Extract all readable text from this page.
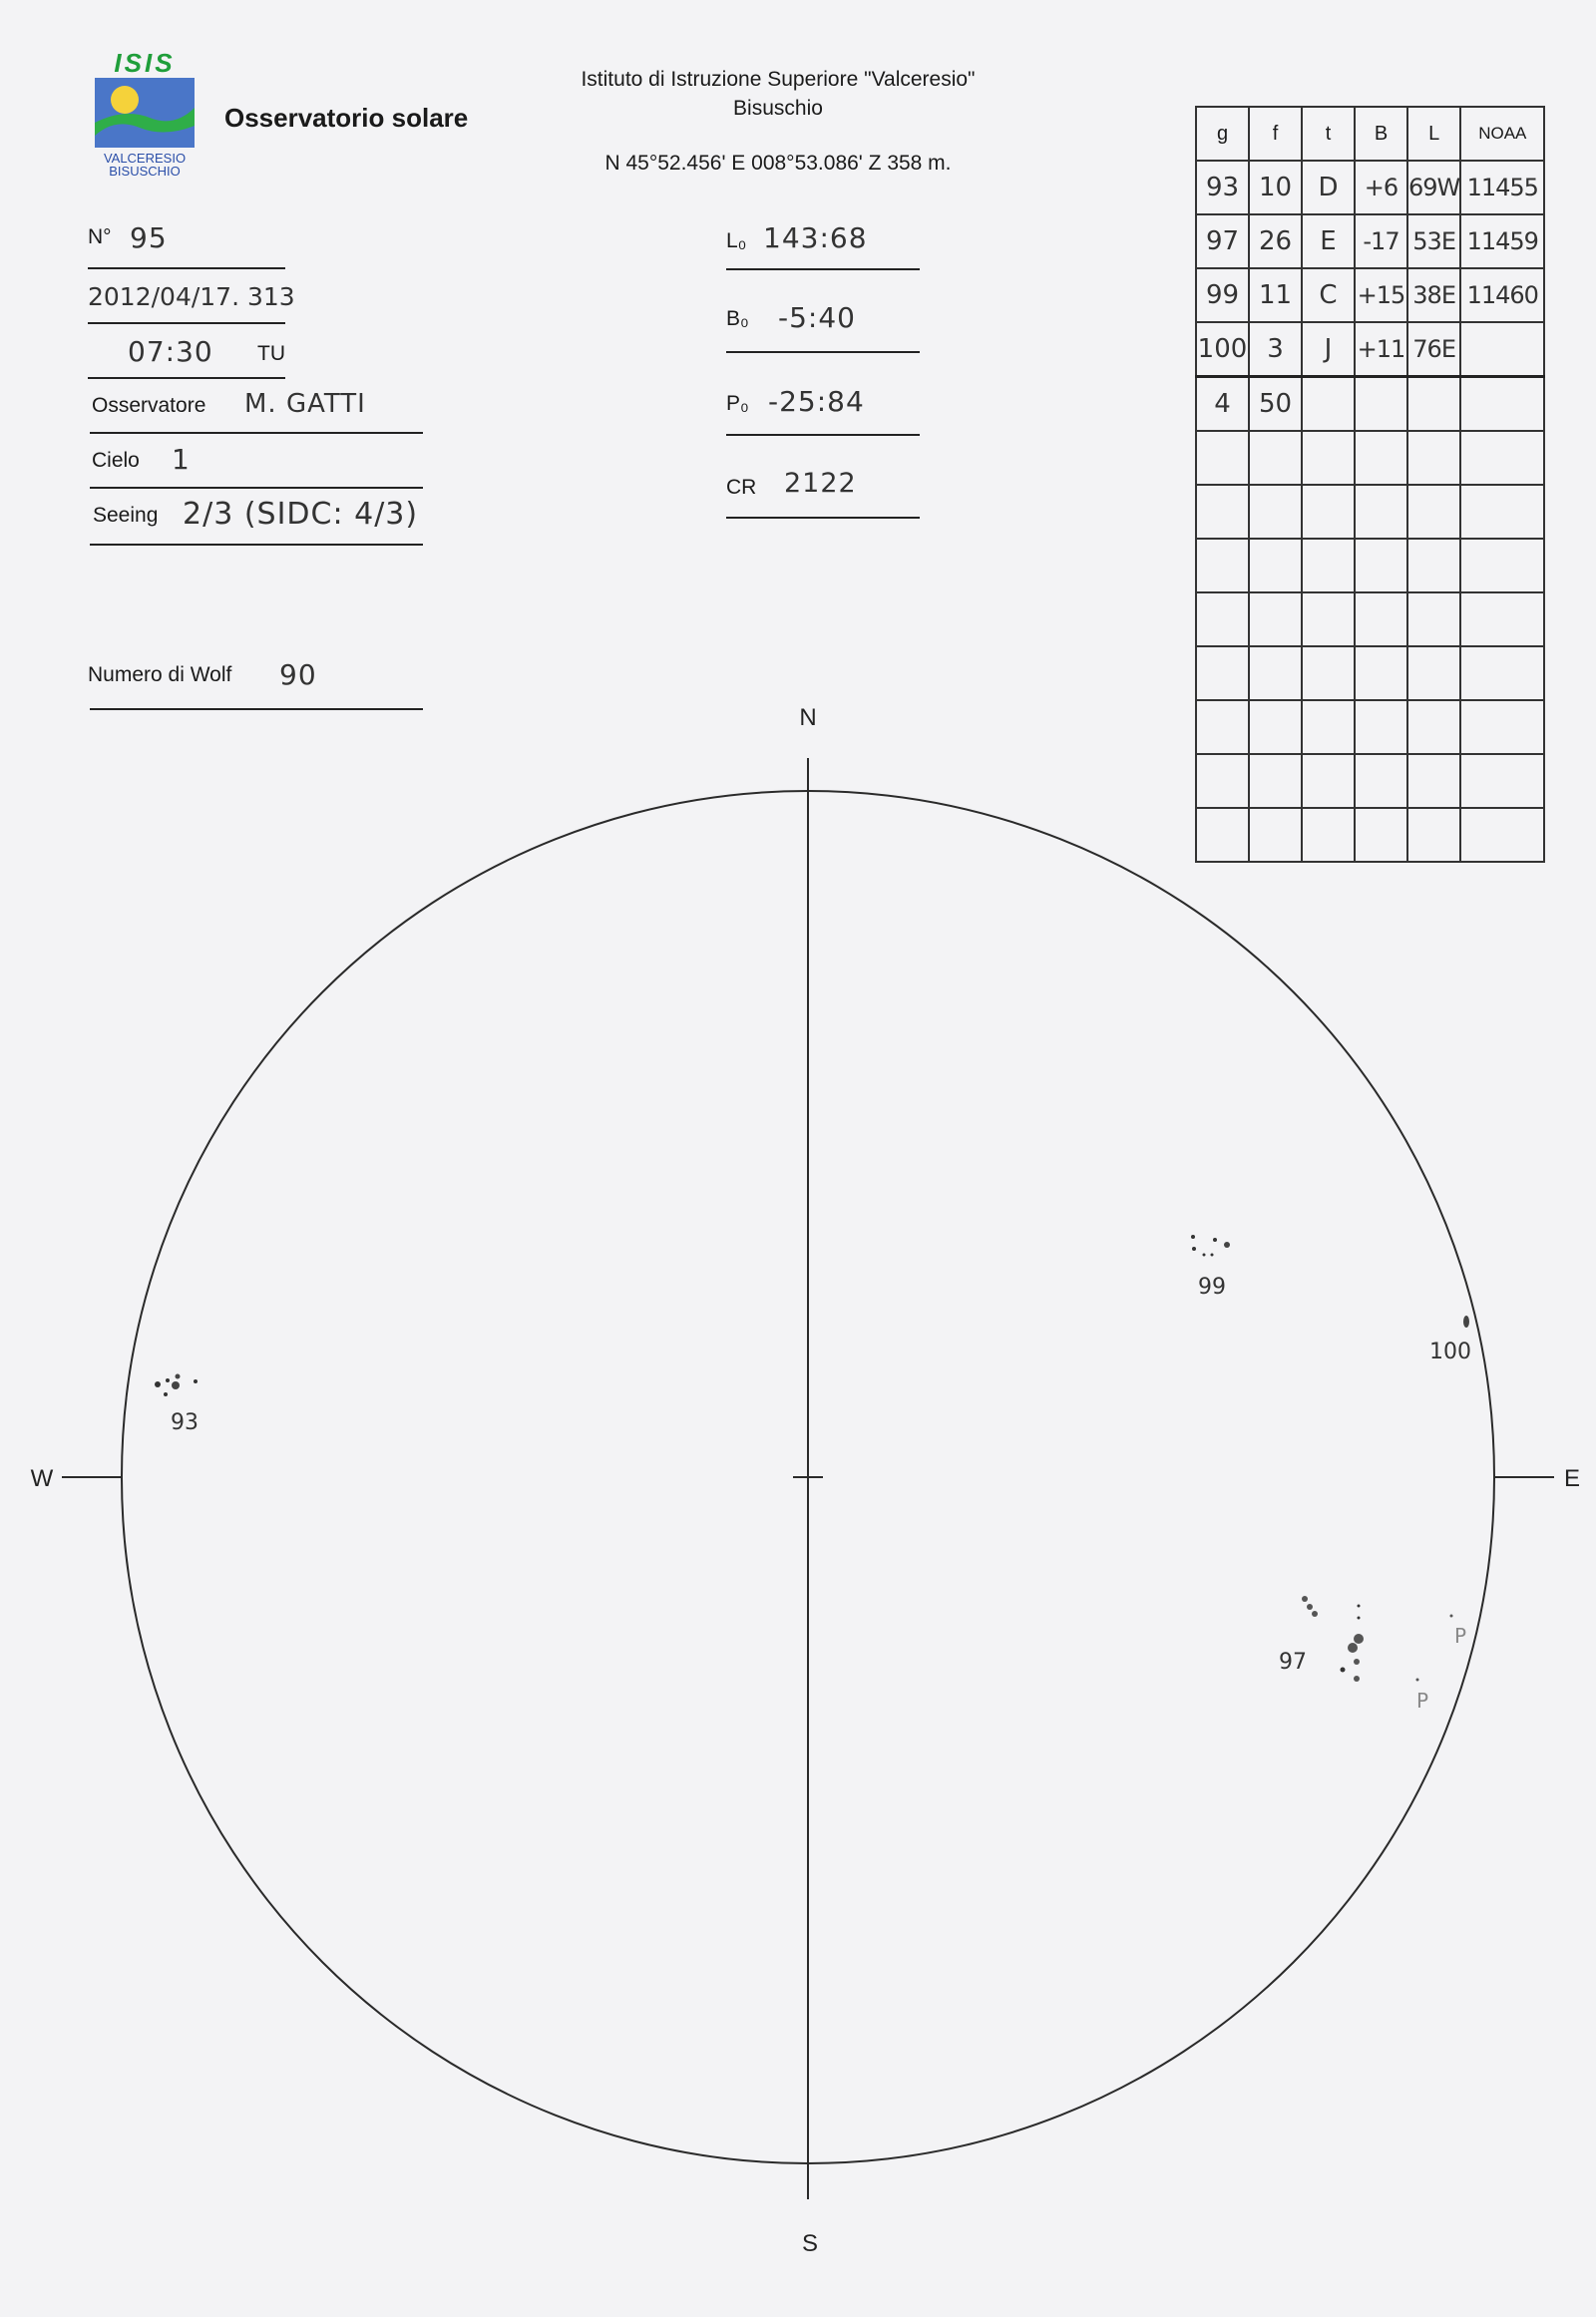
ISIS
VALCERESIO
BISUSCHIO
Osservatorio solare
Istituto di Istruzione Superiore "Valceresio"
Bisuschio
N 45°52.456' E 008°53.086' Z 358 m.
N° 95
2012/04/17. 313
07:30 TU
Osservatore M. GATTI
Cielo 1
Seeing 2/3 (SIDC: 4/3)
Numero di Wolf 90
L₀ 143:68
B₀ -5:40
P₀ -25:84
CR 2122
g	f	t	B	L	NOAA
93	10	D	+6	69W	11455
97	26	E	-17	53E	11459
99	11	C	+15	38E	11460
100	3	J	+11	76E	
4	50				

N
S
E
W
93
99
100
97
P
P
